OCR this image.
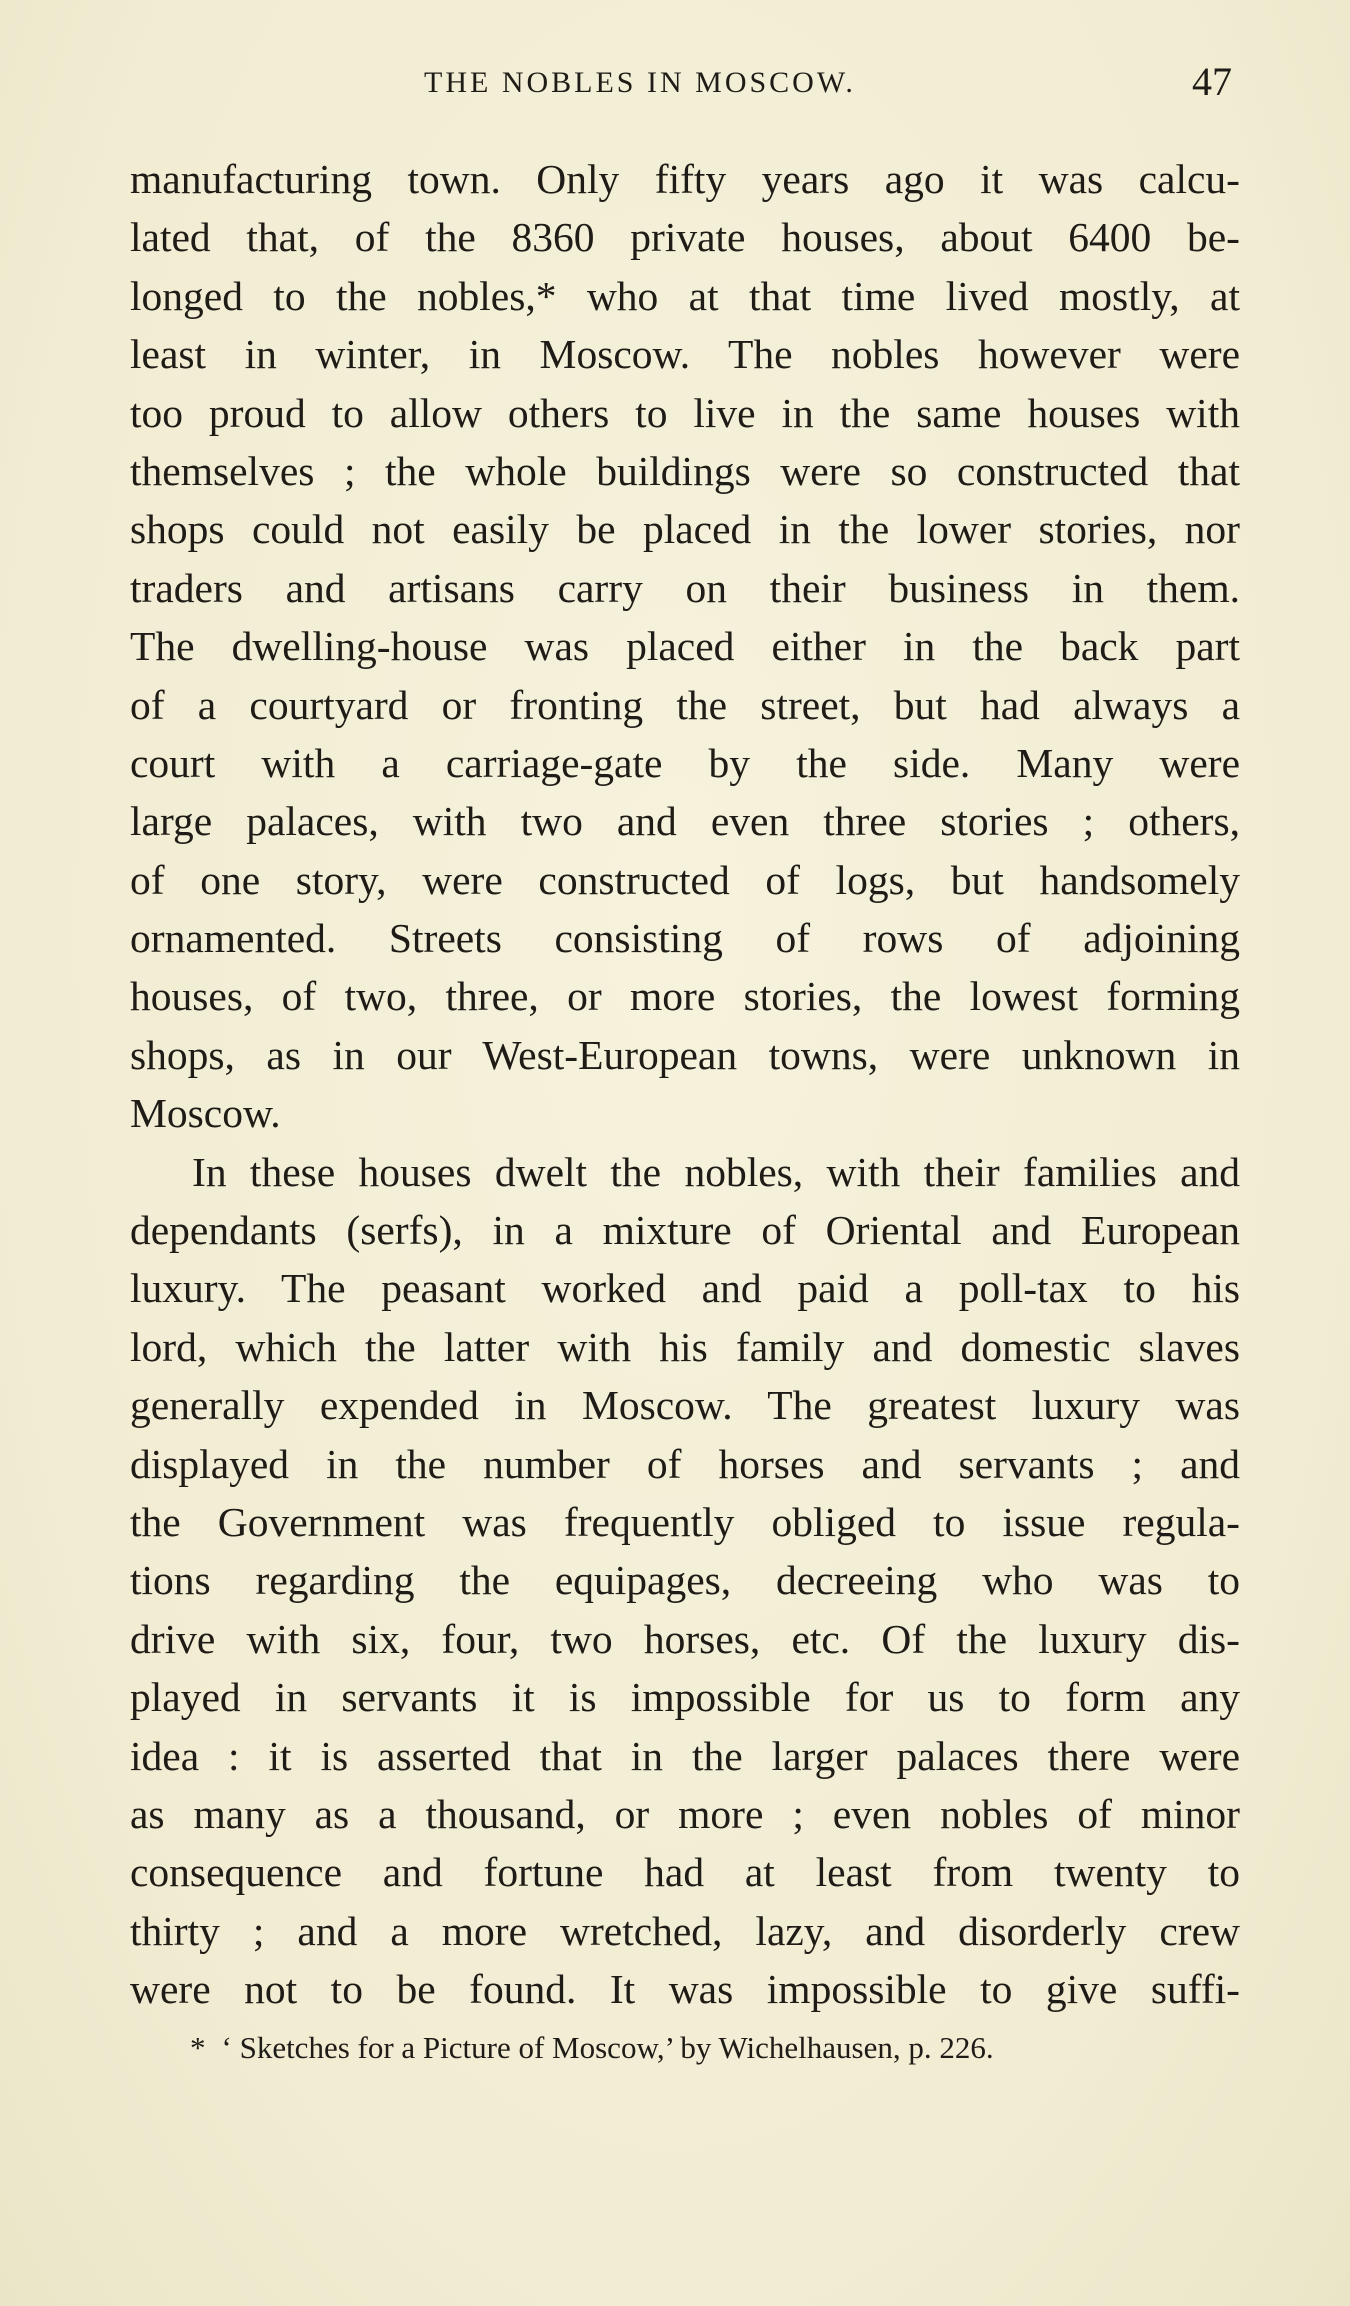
THE NOBLES IN MOSCOW.	47
manufacturing town. Only fifty years ago it was calcu-
lated that, of the 8360 private houses, about 6400 be-
longed to the nobles,* who at that time lived mostly, at
least in winter, in Moscow. The nobles however were
too proud to allow others to live in the same houses with
themselves ; the whole buildings were so constructed that
shops could not easily be placed in the lower stories, nor
traders and artisans carry on their business in them.
The dwelling-house was placed either in the back part
of a courtyard or fronting the street, but had always a
court with a carriage-gate by the side. Many were
large palaces, with two and even three stories ; others,
of one story, were constructed of logs, but handsomely
ornamented. Streets consisting of rows of adjoining
houses, of two, three, or more stories, the lowest forming
shops, as in our West-European towns, were unknown in
Moscow.
In these houses dwelt the nobles, with their families and
dependants (serfs), in a mixture of Oriental and European
luxury. The peasant worked and paid a poll-tax to his
lord, which the latter with his family and domestic slaves
generally expended in Moscow. The greatest luxury was
displayed in the number of horses and servants ; and
the Government was frequently obliged to issue regula-
tions regarding the equipages, decreeing who was to
drive with six, four, two horses, etc. Of the luxury dis-
played in servants it is impossible for us to form any
idea : it is asserted that in the larger palaces there were
as many as a thousand, or more ; even nobles of minor
consequence and fortune had at least from twenty to
thirty ; and a more wretched, lazy, and disorderly crew
were not to be found. It was impossible to give suffi-
* ‘ Sketches for a Picture of Moscow,’ by Wichelhausen, p. 226.
